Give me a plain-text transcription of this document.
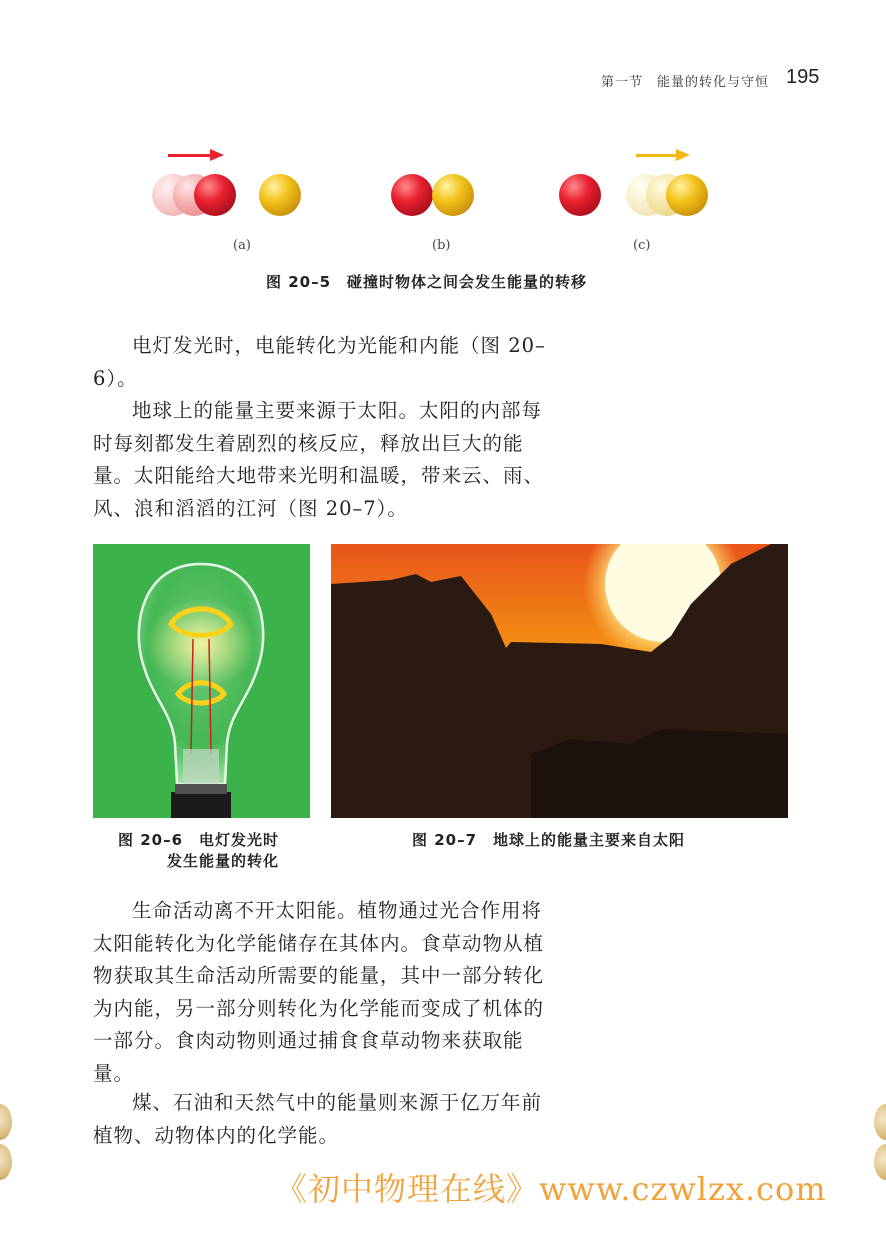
第一节　能量的转化与守恒 195
(a)	(b)	(c)
图 20–5　碰撞时物体之间会发生能量的转移

电灯发光时，电能转化为光能和内能（图 20–6）。

地球上的能量主要来源于太阳。太阳的内部每时每刻都发生着剧烈的核反应，释放出巨大的能量。太阳能给大地带来光明和温暖，带来云、雨、风、浪和滔滔的江河（图 20–7）。

图 20–6　电灯发光时
发生能量的转化
图 20–7　地球上的能量主要来自太阳

生命活动离不开太阳能。植物通过光合作用将太阳能转化为化学能储存在其体内。食草动物从植物获取其生命活动所需要的能量，其中一部分转化为内能，另一部分则转化为化学能而变成了机体的一部分。食肉动物则通过捕食食草动物来获取能量。

煤、石油和天然气中的能量则来源于亿万年前植物、动物体内的化学能。

《初中物理在线》www.czwlzx.com
